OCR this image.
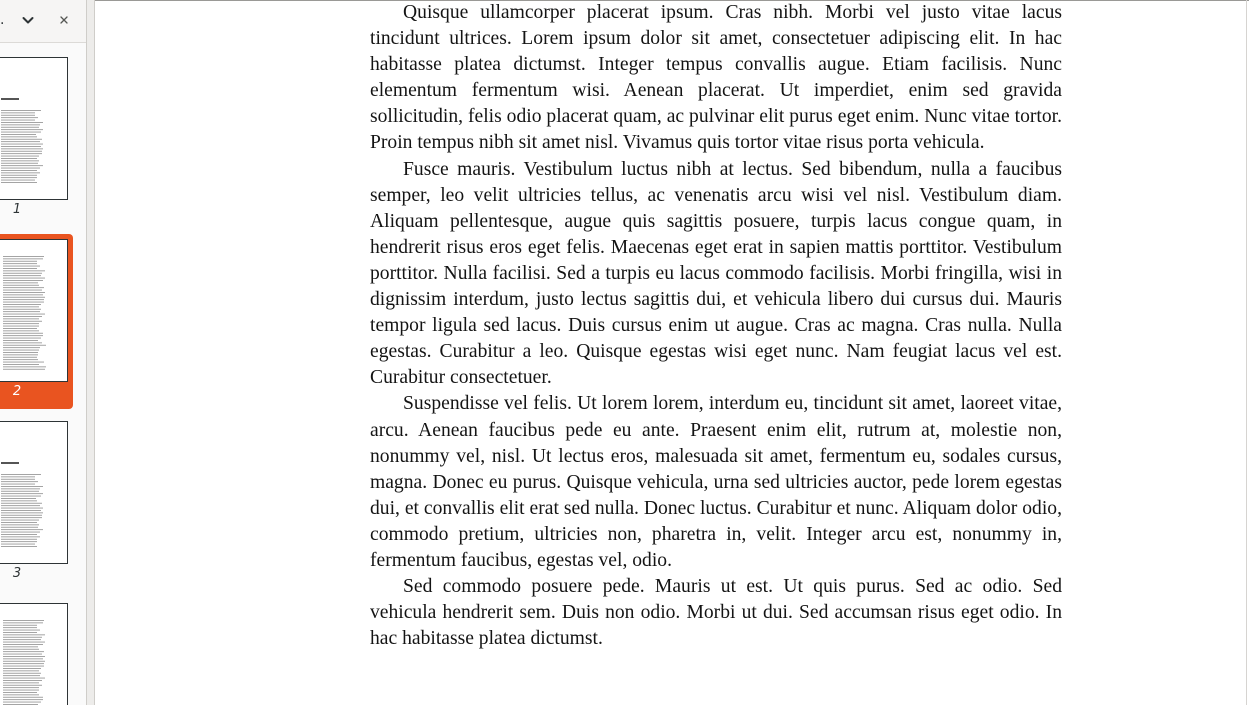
.
1
2
3

Quisque ullamcorper placerat ipsum. Cras nibh. Morbi vel justo vitae lacus tincidunt ultrices. Lorem ipsum dolor sit amet, consectetuer adipiscing elit. In hac habitasse platea dictumst. Integer tempus convallis augue. Etiam facilisis. Nunc elementum fermentum wisi. Aenean placerat. Ut imperdiet, enim sed gravida sollicitudin, felis odio placerat quam, ac pulvinar elit purus eget enim. Nunc vitae tortor. Proin tempus nibh sit amet nisl. Vivamus quis tortor vitae risus porta vehicula.

Fusce mauris. Vestibulum luctus nibh at lectus. Sed bibendum, nulla a faucibus semper, leo velit ultricies tellus, ac venenatis arcu wisi vel nisl. Vestibulum diam. Aliquam pellentesque, augue quis sagittis posuere, turpis lacus congue quam, in hendrerit risus eros eget felis. Maecenas eget erat in sapien mattis porttitor. Vestibulum porttitor. Nulla facilisi. Sed a turpis eu lacus commodo facilisis. Morbi fringilla, wisi in dignissim interdum, justo lectus sagittis dui, et vehicula libero dui cursus dui. Mauris tempor ligula sed lacus. Duis cursus enim ut augue. Cras ac magna. Cras nulla. Nulla egestas. Curabitur a leo. Quisque egestas wisi eget nunc. Nam feugiat lacus vel est. Curabitur consectetuer.

Suspendisse vel felis. Ut lorem lorem, interdum eu, tincidunt sit amet, laoreet vitae, arcu. Aenean faucibus pede eu ante. Praesent enim elit, rutrum at, molestie non, nonummy vel, nisl. Ut lectus eros, malesuada sit amet, fermentum eu, sodales cursus, magna. Donec eu purus. Quisque vehicula, urna sed ultricies auctor, pede lorem egestas dui, et convallis elit erat sed nulla. Donec luctus. Curabitur et nunc. Aliquam dolor odio, commodo pretium, ultricies non, pharetra in, velit. Integer arcu est, nonummy in, fermentum faucibus, egestas vel, odio.

Sed commodo posuere pede. Mauris ut est. Ut quis purus. Sed ac odio. Sed vehicula hendrerit sem. Duis non odio. Morbi ut dui. Sed accumsan risus eget odio. In hac habitasse platea dictumst.
